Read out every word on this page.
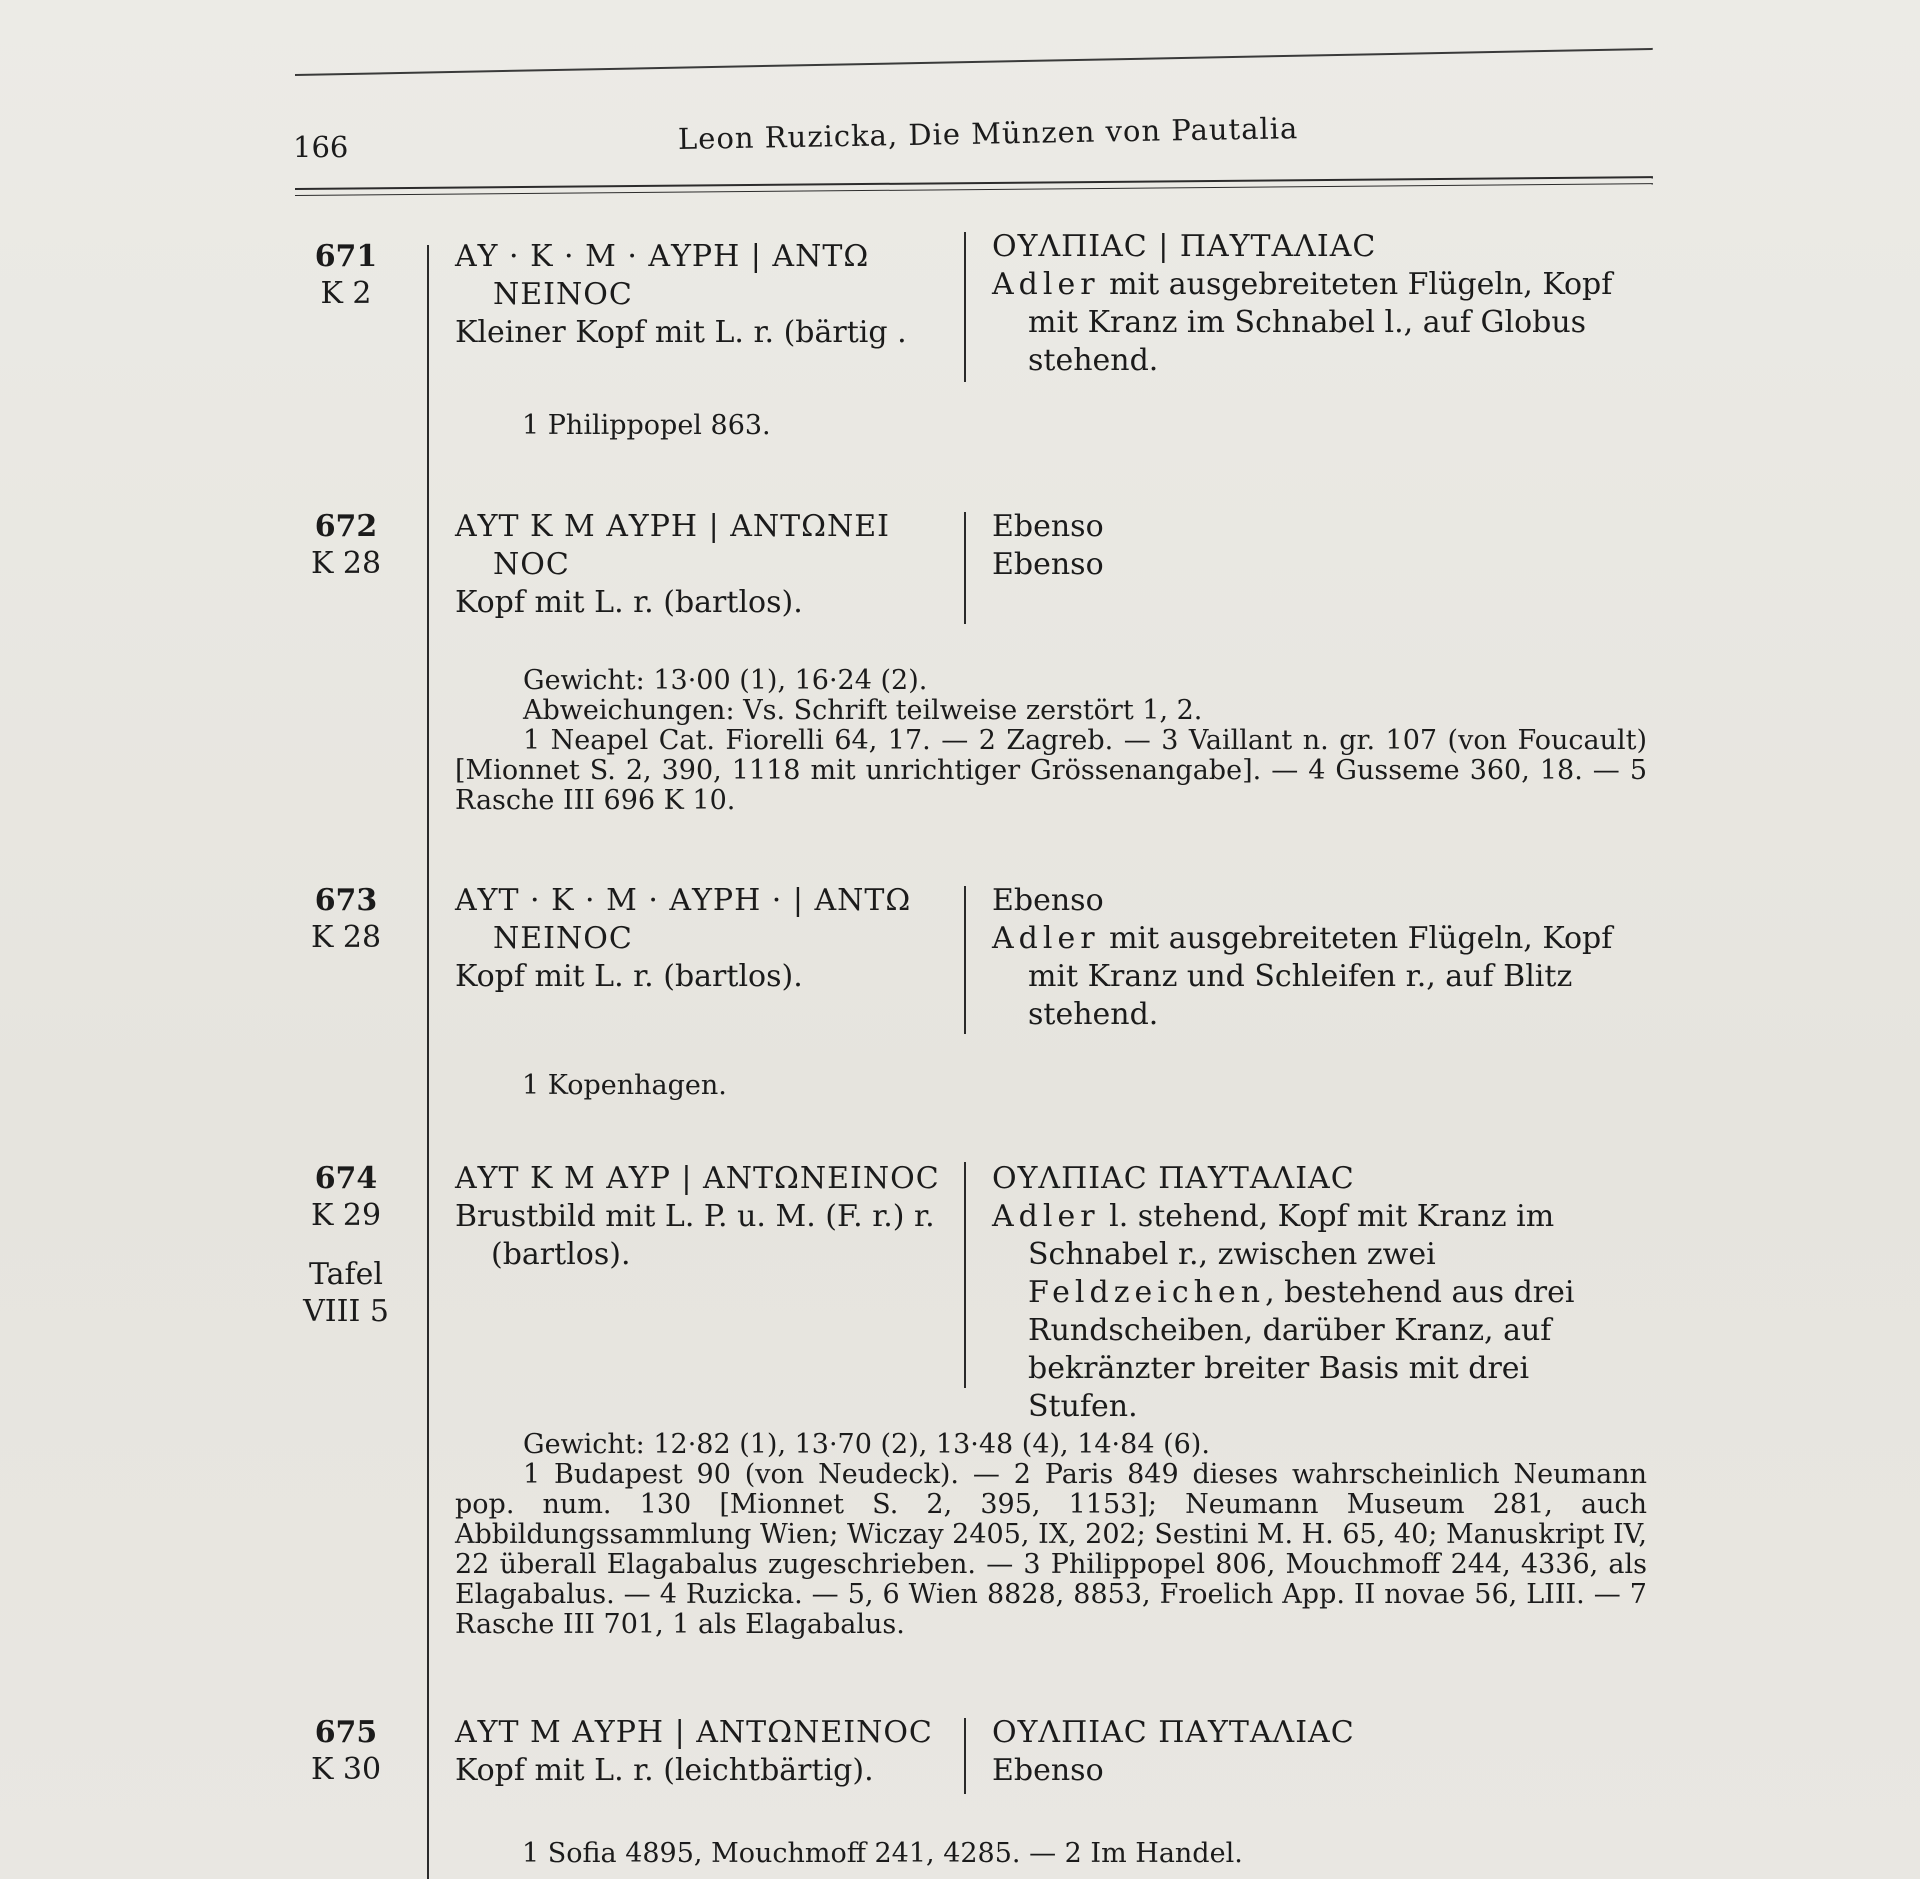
166	Leon Ruzicka, Die Münzen von Pautalia
671
K 2
ΑΥ · Κ · Μ · ΑΥΡΗ | ΑΝΤΩ
ΝΕΙΝΟϹ
Kleiner Kopf mit L. r. (bärtig .
ΟΥΛΠΙΑϹ | ΠΑΥΤΑΛΙΑϹ
Adler mit ausgebreiteten Flügeln, Kopf mit Kranz im Schnabel l., auf Globus stehend.
1 Philippopel 863.
672
K 28
ΑΥΤ Κ Μ ΑΥΡΗ | ΑΝΤΩΝΕΙ
ΝΟϹ
Kopf mit L. r. (bartlos).
Ebenso
Ebenso
Gewicht: 13·00 (1), 16·24 (2).
Abweichungen: Vs. Schrift teilweise zerstört 1, 2.
1 Neapel Cat. Fiorelli 64, 17. — 2 Zagreb. — 3 Vaillant n. gr. 107 (von Foucault) [Mionnet S. 2, 390, 1118 mit unrichtiger Grössenangabe]. — 4 Gusseme 360, 18. — 5 Rasche III 696 K 10.
673
K 28
ΑΥΤ · Κ · Μ · ΑΥΡΗ · | ΑΝΤΩ
ΝΕΙΝΟϹ
Kopf mit L. r. (bartlos).
Ebenso
Adler mit ausgebreiteten Flügeln, Kopf mit Kranz und Schleifen r., auf Blitz stehend.
1 Kopenhagen.
674
K 29
Tafel
VIII 5
ΑΥΤ Κ Μ ΑΥΡ | ΑΝΤΩΝΕΙΝΟϹ
Brustbild mit L. P. u. M. (F. r.) r. (bartlos).
ΟΥΛΠΙΑϹ ΠΑΥΤΑΛΙΑϹ
Adler l. stehend, Kopf mit Kranz im Schnabel r., zwischen zwei Feldzeichen, bestehend aus drei Rundscheiben, darüber Kranz, auf bekränzter breiter Basis mit drei Stufen.
Gewicht: 12·82 (1), 13·70 (2), 13·48 (4), 14·84 (6).
1 Budapest 90 (von Neudeck). — 2 Paris 849 dieses wahrscheinlich Neumann pop. num. 130 [Mionnet S. 2, 395, 1153]; Neumann Museum 281, auch Abbildungssammlung Wien; Wiczay 2405, IX, 202; Sestini M. H. 65, 40; Manuskript IV, 22 überall Elagabalus zugeschrieben. — 3 Philippopel 806, Mouchmoff 244, 4336, als Elagabalus. — 4 Ruzicka. — 5, 6 Wien 8828, 8853, Froelich App. II novae 56, LIII. — 7 Rasche III 701, 1 als Elagabalus.
675
K 30
ΑΥΤ Μ ΑΥΡΗ | ΑΝΤΩΝΕΙΝΟϹ
Kopf mit L. r. (leichtbärtig).
ΟΥΛΠΙΑϹ ΠΑΥΤΑΛΙΑϹ
Ebenso
1 Sofia 4895, Mouchmoff 241, 4285. — 2 Im Handel.
